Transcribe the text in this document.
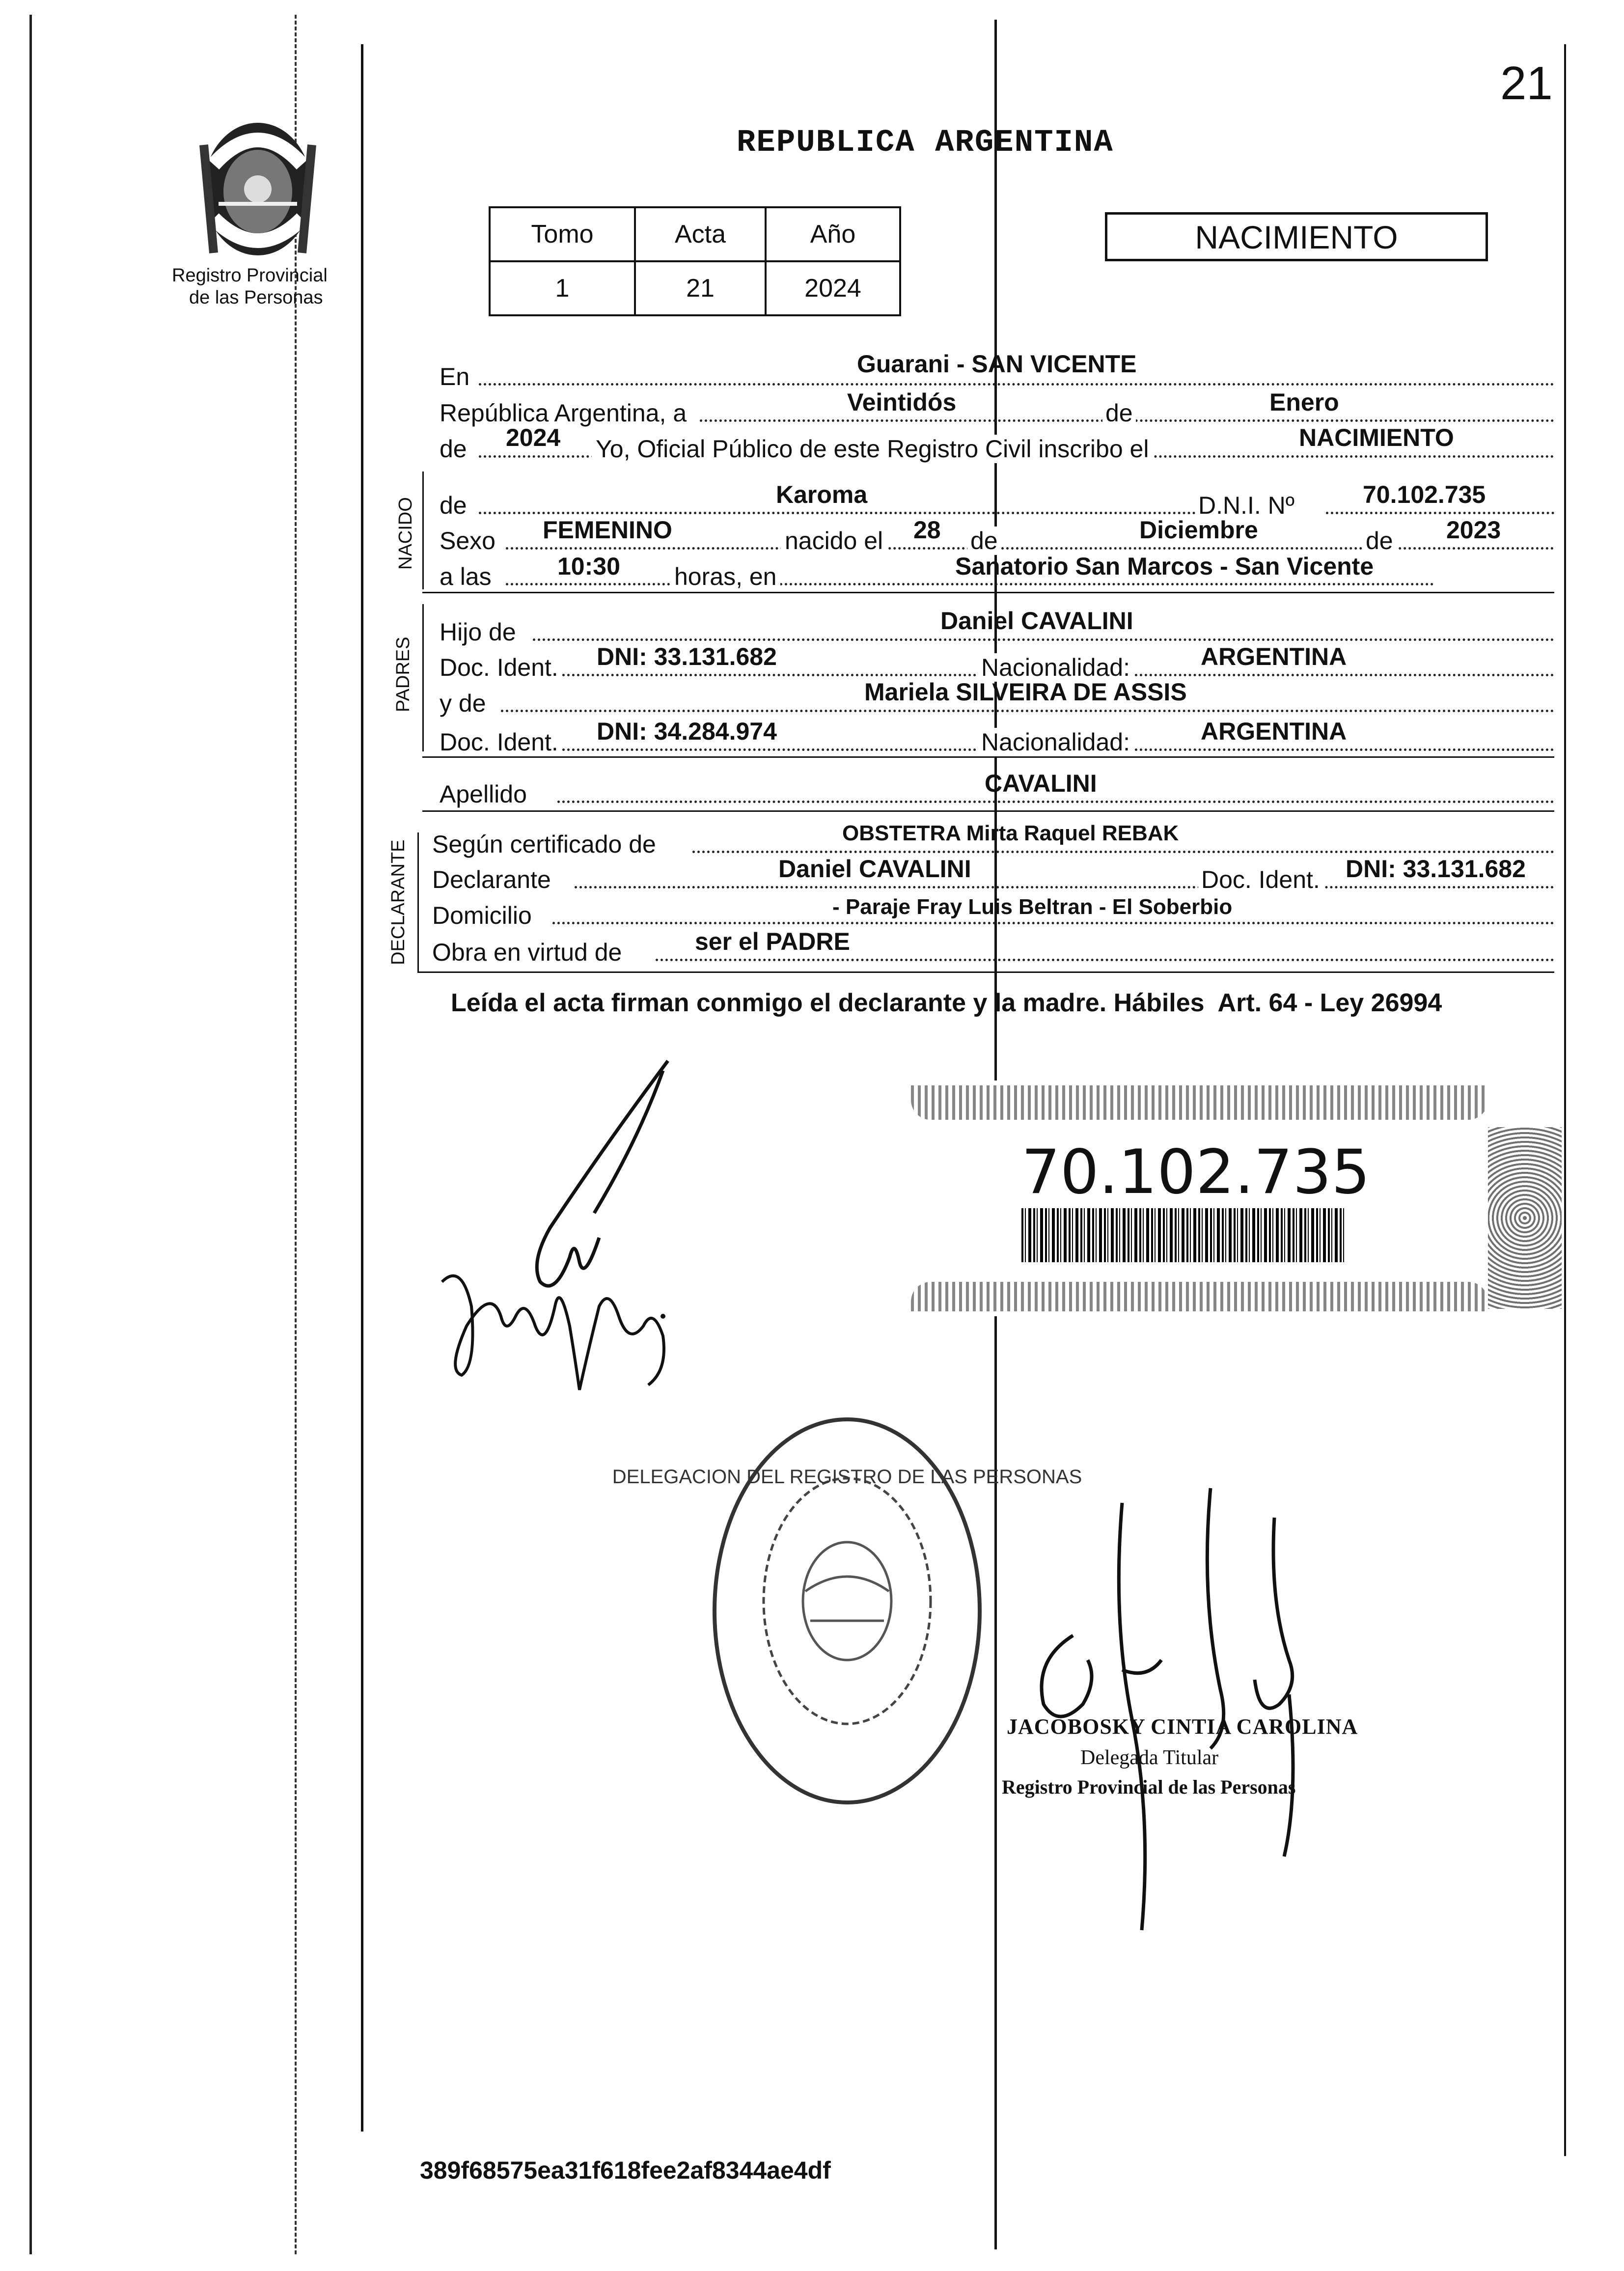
21
Registro Provincial
de las Personas
REPUBLICA ARGENTINA
Tomo	Acta	Año
1	21	2024
NACIMIENTO
En	Guarani - SAN VICENTE
República Argentina, a	Veintidós	de	Enero
de 2024 Yo, Oficial Público de este Registro Civil inscribo el	NACIMIENTO
NACIDO de	Karoma	D.N.I. Nº	70.102.735
Sexo FEMENINO	nacido el 28 de	Diciembre	de 2023
a las	10:30 horas, en	Sanatorio San Marcos - San Vicente
PADRES
Hijo de	Daniel CAVALINI
Doc. Ident. DNI: 33.131.682	Nacionalidad:	ARGENTINA
y de	Mariela SILVEIRA DE ASSIS
Doc. Ident. DNI: 34.284.974	Nacionalidad:	ARGENTINA
Apellido	CAVALINI
DECLARANTE Según certificado de	OBSTETRA Mirta Raquel REBAK
Declarante	Daniel CAVALINI	Doc. Ident. DNI: 33.131.682
Domicilio	- Paraje Fray Luis Beltran - El Soberbio
Obra en virtud de	ser el PADRE
Leída el acta firman conmigo el declarante y la madre. Hábiles  Art. 64 - Ley 26994
70.102.735
DELEGACION DEL REGISTRO DE LAS PERSONAS
JACOBOSKY CINTIA CAROLINA
Delegada Titular
Registro Provincial de las Personas
389f68575ea31f618fee2af8344ae4df
